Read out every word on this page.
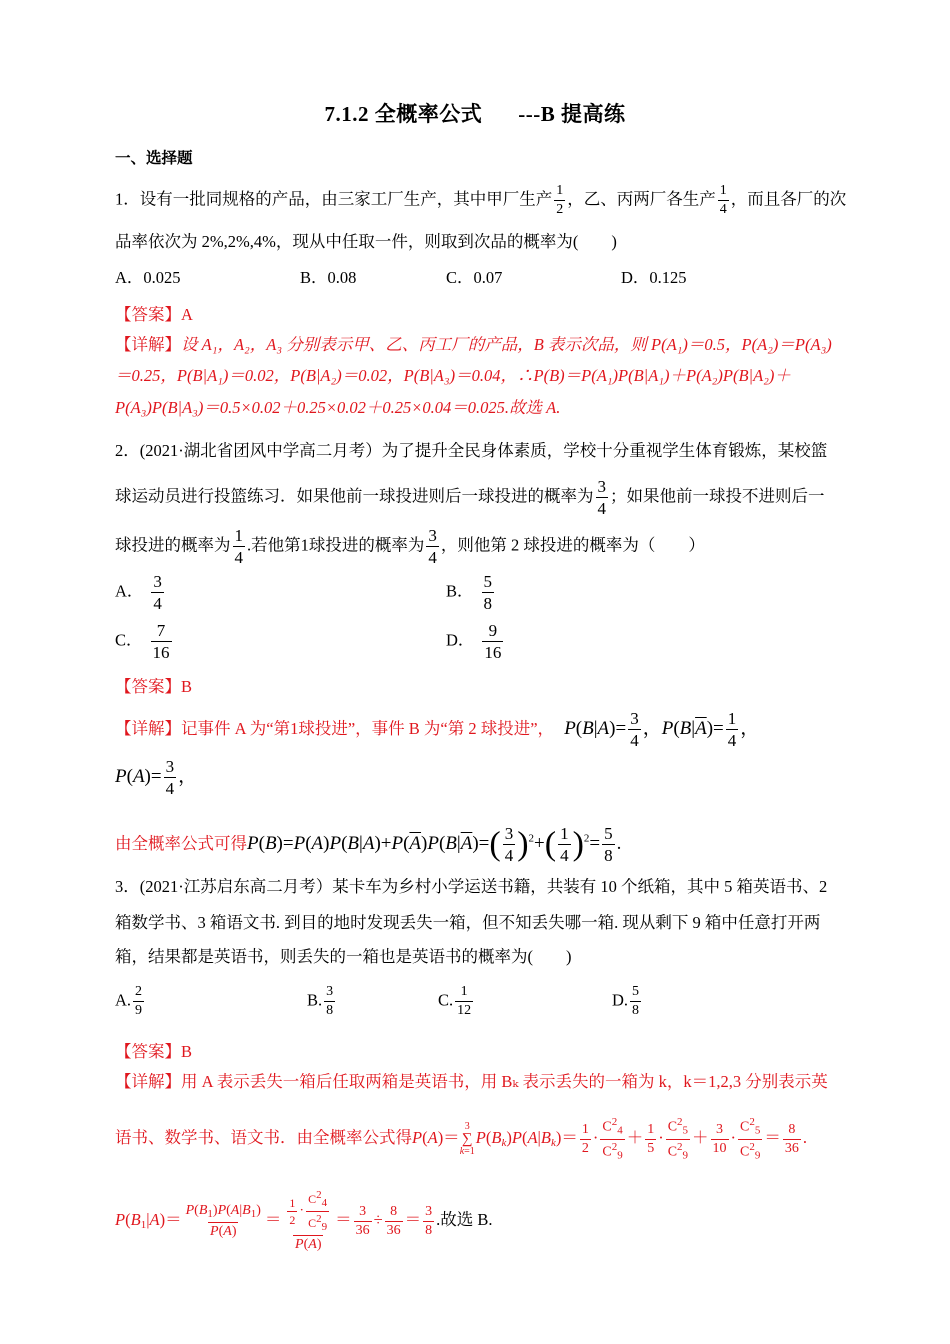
7.1.2 全概率公式 ---B 提高练
一、选择题
1．设有一批同规格的产品，由三家工厂生产，其中甲厂生产 $\frac{1}{2}$ ，乙、丙两厂各生产 $\frac{1}{4}$ ，而且各厂的次
品率依次为 2%,2%,4%，现从中任取一件，则取到次品的概率为(　　)
A．0.025	B．0.08	C．0.07	D．0.125
【答案】A
【详解】设 A₁，A₂，A₃ 分别表示甲、乙、丙工厂的产品，B 表示次品，则 P(A₁)＝0.5，P(A₂)＝P(A₃)
＝0.25，P(B|A₁)＝0.02，P(B|A₂)＝0.02，P(B|A₃)＝0.04，∴P(B)＝P(A₁)P(B|A₁)＋P(A₂)P(B|A₂)＋
P(A₃)P(B|A₃)＝0.5×0.02＋0.25×0.02＋0.25×0.04＝0.025.故选 A.
2．(2021·湖北省团风中学高二月考）为了提升全民身体素质，学校十分重视学生体育锻炼，某校篮
球运动员进行投篮练习．如果他前一球投进则后一球投进的概率为 $\frac{3}{4}$ ；如果他前一球投不进则后一
球投进的概率为 $\frac{1}{4}$ .若他第1球投进的概率为 $\frac{3}{4}$ ，则他第 2 球投进的概率为（　　）
A． $\frac{3}{4}$	B． $\frac{5}{8}$
C． $\frac{7}{16}$	D． $\frac{9}{16}$
【答案】B
【详解】记事件 A 为“第1球投进”，事件 B 为“第 2 球投进”， $P(B|A)= \frac{3}{4}$ ，$P(B|\overline{A})= \frac{1}{4}$ ，
$P(A)= \frac{3}{4}$ ，
由全概率公式可得$P(B)=P(A)P(B|A)+P(\overline{A})P(B|\overline{A})=( \frac{3}{4} )^2+( \frac{1}{4} )^2= \frac{5}{8}$ .
3．(2021·江苏启东高二月考）某卡车为乡村小学运送书籍，共装有 10 个纸箱，其中 5 箱英语书、2
箱数学书、3 箱语文书. 到目的地时发现丢失一箱，但不知丢失哪一箱. 现从剩下 9 箱中任意打开两
箱，结果都是英语书，则丢失的一箱也是英语书的概率为(　　)
A. $\frac{2}{9}$	B. $\frac{3}{8}$	C. $\frac{1}{12}$	D. $\frac{5}{8}$
【答案】B
【详解】用 A 表示丢失一箱后任取两箱是英语书，用 Bₖ 表示丢失的一箱为 k，k＝1,2,3 分别表示英
语书、数学书、语文书．由全概率公式得P(A)＝
3
∑
k=1
$P(B_k)P(A|B_k)= \frac{1}{2} \cdot \frac{C^2_4}{C^2_9} + \frac{1}{5} \cdot \frac{C^2_5}{C^2_9} + \frac{3}{10} \cdot \frac{C^2_5}{C^2_9} = \frac{8}{36}$ .
$P(B_1|A)= \frac{P(B_1)P(A|B_1)}{P(A)} = \frac{\frac{1}{2} \cdot \frac{C^2_4}{C^2_9}}{P(A)} = \frac{3}{36} \div \frac{8}{36} = \frac{3}{8}$ .故选 B.
